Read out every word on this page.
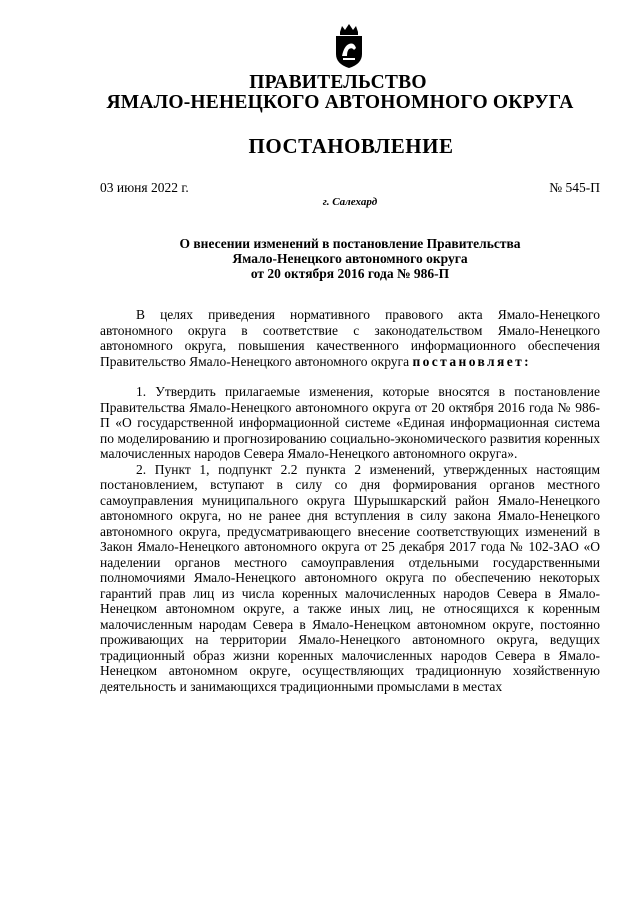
ПРАВИТЕЛЬСТВО
ЯМАЛО-НЕНЕЦКОГО АВТОНОМНОГО ОКРУГА
ПОСТАНОВЛЕНИЕ
03 июня 2022 г.	№ 545-П
г. Салехард
О внесении изменений в постановление Правительства
Ямало-Ненецкого автономного округа
от 20 октября 2016 года № 986-П

В целях приведения нормативного правового акта Ямало-Ненецкого автономного округа в соответствие с законодательством Ямало-Ненецкого автономного округа, повышения качественного информационного обеспечения Правительство Ямало-Ненецкого автономного округа постановляет:

1. Утвердить прилагаемые изменения, которые вносятся в постановление Правительства Ямало-Ненецкого автономного округа от 20 октября 2016 года № 986-П «О государственной информационной системе «Единая информационная система по моделированию и прогнозированию социально-экономического развития коренных малочисленных народов Севера Ямало-Ненецкого автономного округа».

2. Пункт 1, подпункт 2.2 пункта 2 изменений, утвержденных настоящим постановлением, вступают в силу со дня формирования органов местного самоуправления муниципального округа Шурышкарский район Ямало-Ненецкого автономного округа, но не ранее дня вступления в силу закона Ямало-Ненецкого автономного округа, предусматривающего внесение соответствующих изменений в Закон Ямало-Ненецкого автономного округа от 25 декабря 2017 года № 102-ЗАО «О наделении органов местного самоуправления отдельными государственными полномочиями Ямало-Ненецкого автономного округа по обеспечению некоторых гарантий прав лиц из числа коренных малочисленных народов Севера в Ямало-Ненецком автономном округе, а также иных лиц, не относящихся к коренным малочисленным народам Севера в Ямало-Ненецком автономном округе, постоянно проживающих на территории Ямало-Ненецкого автономного округа, ведущих традиционный образ жизни коренных малочисленных народов Севера в Ямало-Ненецком автономном округе, осуществляющих традиционную хозяйственную деятельность и занимающихся традиционными промыслами в местах
